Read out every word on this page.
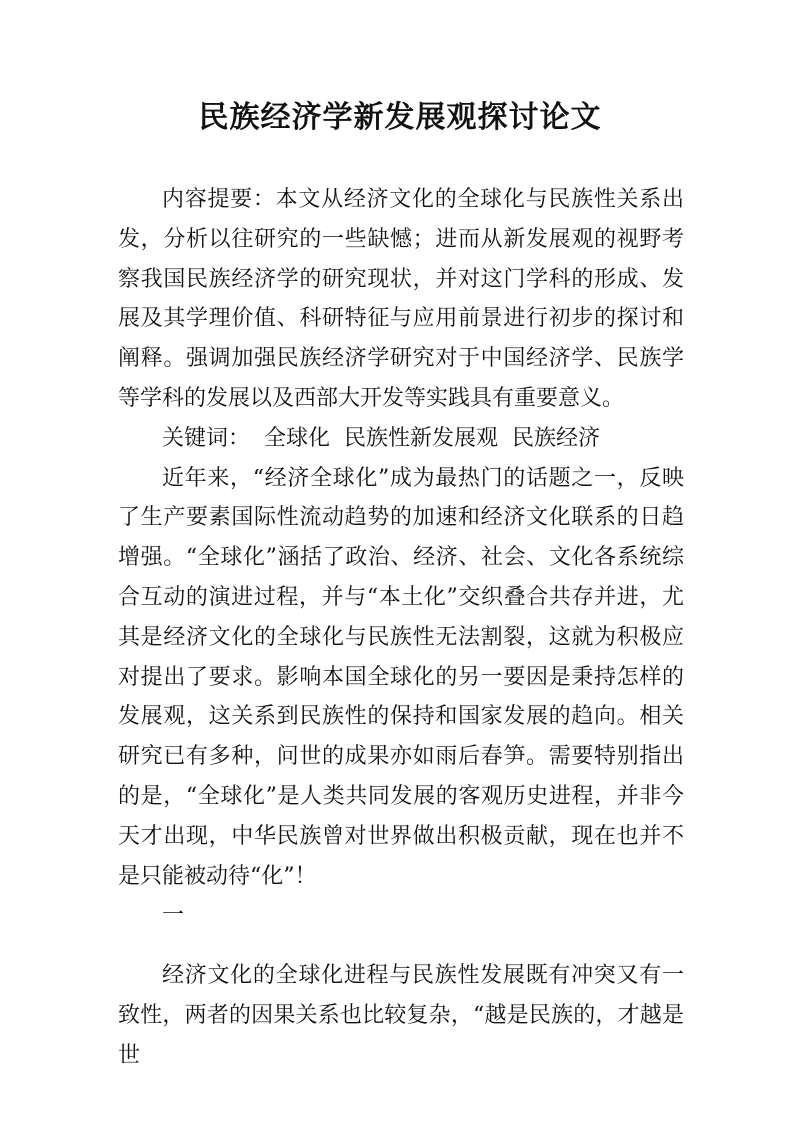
民族经济学新发展观探讨论文

内容提要：本文从经济文化的全球化与民族性关系出发，分析以往研究的一些缺憾；进而从新发展观的视野考察我国民族经济学的研究现状，并对这门学科的形成、发展及其学理价值、科研特征与应用前景进行初步的探讨和阐释。强调加强民族经济学研究对于中国经济学、民族学等学科的发展以及西部大开发等实践具有重要意义。

关键词： 全球化 民族性新发展观 民族经济

近年来，“经济全球化”成为最热门的话题之一，反映了生产要素国际性流动趋势的加速和经济文化联系的日趋增强。“全球化”涵括了政治、经济、社会、文化各系统综合互动的演进过程，并与“本土化”交织叠合共存并进，尤其是经济文化的全球化与民族性无法割裂，这就为积极应对提出了要求。影响本国全球化的另一要因是秉持怎样的发展观，这关系到民族性的保持和国家发展的趋向。相关研究已有多种，问世的成果亦如雨后春笋。需要特别指出的是，“全球化”是人类共同发展的客观历史进程，并非今天才出现，中华民族曾对世界做出积极贡献，现在也并不是只能被动待“化”！

一

经济文化的全球化进程与民族性发展既有冲突又有一致性，两者的因果关系也比较复杂，“越是民族的，才越是世
